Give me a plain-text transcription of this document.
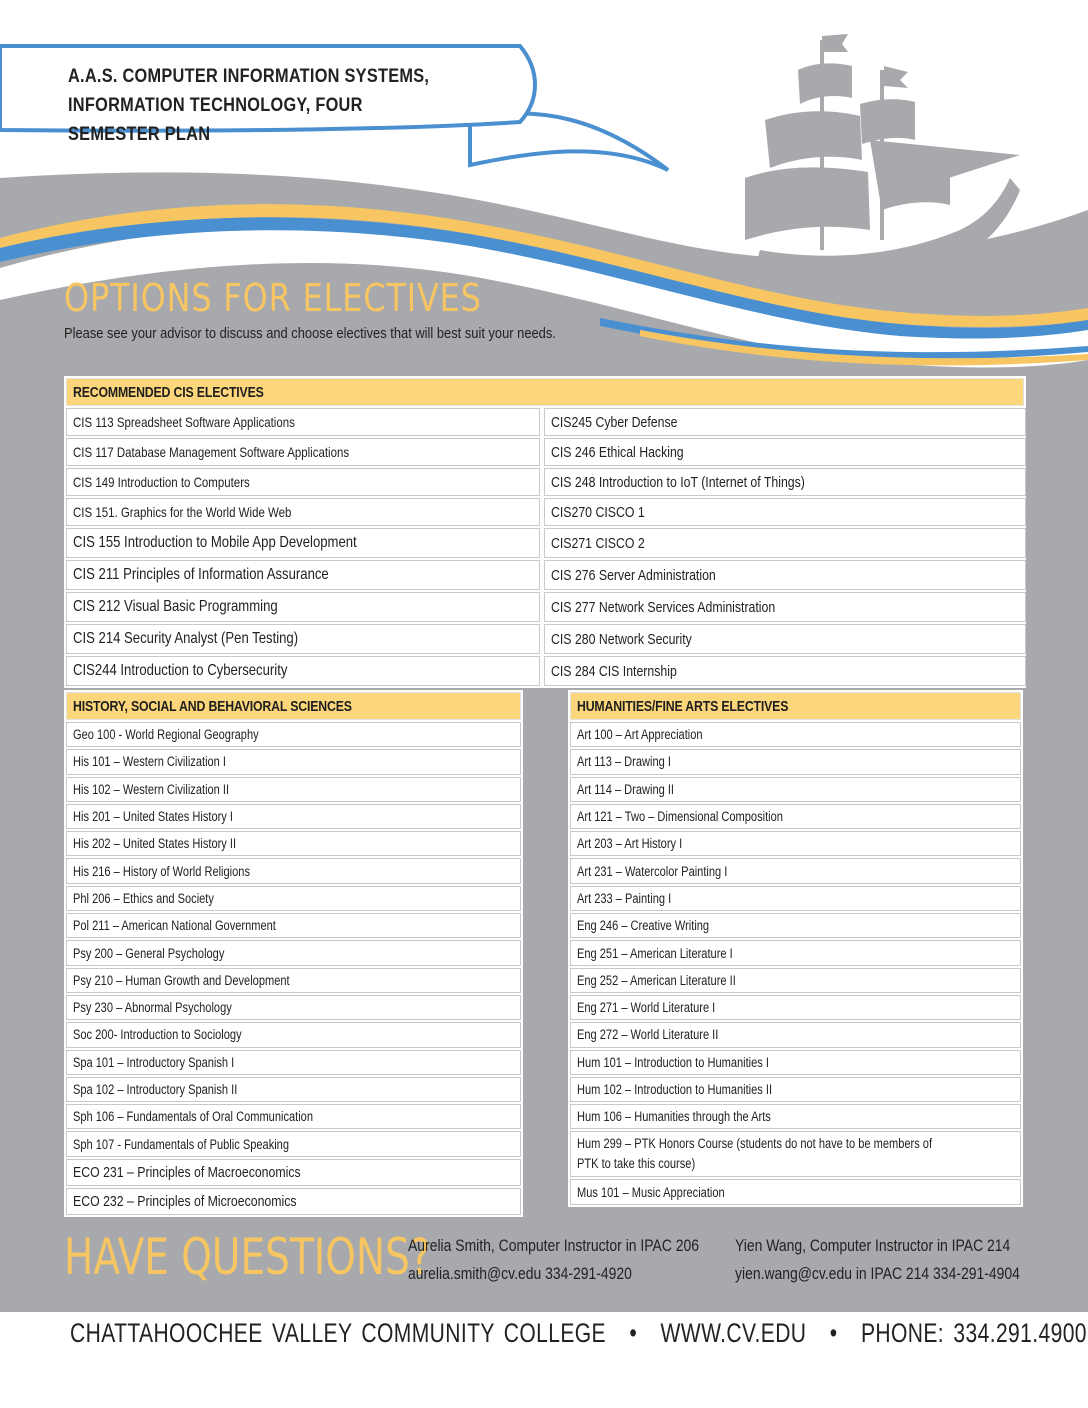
A.A.S. COMPUTER INFORMATION SYSTEMS,
INFORMATION TECHNOLOGY, FOUR SEMESTER PLAN
OPTIONS FOR ELECTIVES
Please see your advisor to discuss and choose electives that will best suit your needs.
RECOMMENDED CIS ELECTIVES
CIS 113 Spreadsheet Software Applications
CIS 117 Database Management Software Applications
CIS 149 Introduction to Computers
CIS 151. Graphics for the World Wide Web
CIS 155 Introduction to Mobile App Development
CIS 211 Principles of Information Assurance
CIS 212 Visual Basic Programming
CIS 214 Security Analyst (Pen Testing)
CIS244 Introduction to Cybersecurity
CIS245 Cyber Defense
CIS 246 Ethical Hacking
CIS 248 Introduction to IoT (Internet of Things)
CIS270 CISCO 1
CIS271 CISCO 2
CIS 276 Server Administration
CIS 277 Network Services Administration
CIS 280 Network Security
CIS 284 CIS Internship
HISTORY, SOCIAL AND BEHAVIORAL SCIENCES
Geo 100 - World Regional Geography
His 101 – Western Civilization I
His 102 – Western Civilization II
His 201 – United States History I
His 202 – United States History II
His 216 – History of World Religions
Phl 206 – Ethics and Society
Pol 211 – American National Government
Psy 200 – General Psychology
Psy 210 – Human Growth and Development
Psy 230 – Abnormal Psychology
Soc 200- Introduction to Sociology
Spa 101 – Introductory Spanish I
Spa 102 – Introductory Spanish II
Sph 106 – Fundamentals of Oral Communication
Sph 107 - Fundamentals of Public Speaking
ECO 231 – Principles of Macroeconomics
ECO 232 – Principles of Microeconomics
HUMANITIES/FINE ARTS ELECTIVES
Art 100 – Art Appreciation
Art 113 – Drawing I
Art 114 – Drawing II
Art 121 – Two – Dimensional Composition
Art 203 – Art History I
Art 231 – Watercolor Painting I
Art 233 – Painting I
Eng 246 – Creative Writing
Eng 251 – American Literature I
Eng 252 – American Literature II
Eng 271 – World Literature I
Eng 272 – World Literature II
Hum 101 – Introduction to Humanities I
Hum 102 – Introduction to Humanities II
Hum 106 – Humanities through the Arts
Hum 299 – PTK Honors Course (students do not have to be members of PTK to take this course)
Mus 101 – Music Appreciation
HAVE QUESTIONS?
Aurelia Smith, Computer Instructor in IPAC 206
aurelia.smith@cv.edu 334-291-4920
Yien Wang, Computer Instructor in IPAC 214
yien.wang@cv.edu in IPAC 214 334-291-4904
CHATTAHOOCHEE VALLEY COMMUNITY COLLEGE • WWW.CV.EDU • PHONE: 334.291.4900
